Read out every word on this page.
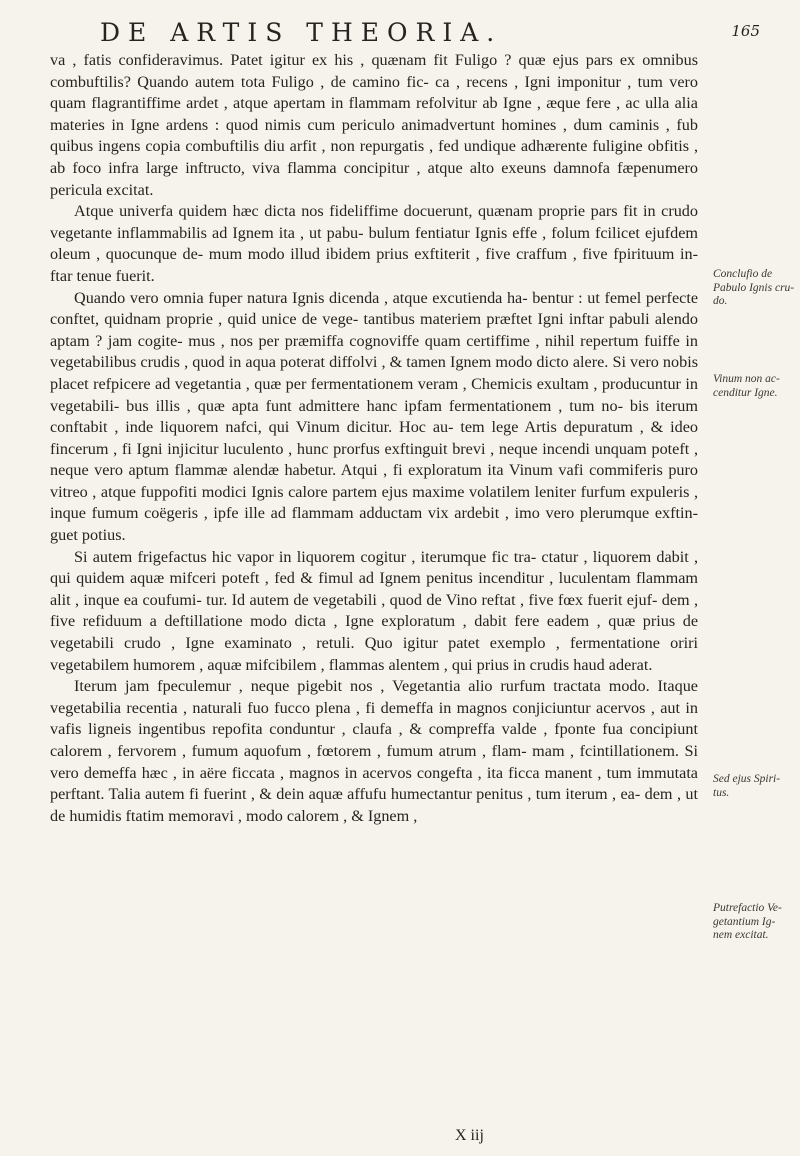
DE ARTIS THEORIA.	165

va , fatis confideravimus. Patet igitur ex his , quænam fit Fuligo ? quæ ejus pars ex omnibus combuftilis? Quando autem tota Fuligo , de camino fic- ca , recens , Igni imponitur , tum vero quam flagrantiffime ardet , atque apertam in flammam refolvitur ab Igne , æque fere , ac ulla alia materies in Igne ardens : quod nimis cum periculo animadvertunt homines , dum caminis , fub quibus ingens copia combuftilis diu arfit , non repurgatis , fed undique adhærente fuligine obfitis , ab foco infra large inftructo, viva flamma concipitur , atque alto exeuns damnofa fæpenumero pericula excitat.

Atque univerfa quidem hæc dicta nos fideliffime docuerunt, quænam proprie pars fit in crudo vegetante inflammabilis ad Ignem ita , ut pabu- bulum fentiatur Ignis effe , folum fcilicet ejufdem oleum , quocunque de- mum modo illud ibidem prius exftiterit , five craffum , five fpirituum in- ftar tenue fuerit.

Quando vero omnia fuper natura Ignis dicenda , atque excutienda ha- bentur : ut femel perfecte conftet, quidnam proprie , quid unice de vege- tantibus materiem præftet Igni inftar pabuli alendo aptam ? jam cogite- mus , nos per præmiffa cognoviffe quam certiffime , nihil repertum fuiffe in vegetabilibus crudis , quod in aqua poterat diffolvi , & tamen Ignem modo dicto alere. Si vero nobis placet refpicere ad vegetantia , quæ per fermentationem veram , Chemicis exultam , producuntur in vegetabili- bus illis , quæ apta funt admittere hanc ipfam fermentationem , tum no- bis iterum conftabit , inde liquorem nafci, qui Vinum dicitur. Hoc au- tem lege Artis depuratum , & ideo fincerum , fi Igni injicitur luculento , hunc prorfus exftinguit brevi , neque incendi unquam poteft , neque vero aptum flammæ alendæ habetur. Atqui , fi exploratum ita Vinum vafi commiferis puro vitreo , atque fuppofiti modici Ignis calore partem ejus maxime volatilem leniter furfum expuleris , inque fumum coëgeris , ipfe ille ad flammam adductam vix ardebit , imo vero plerumque exftin- guet potius.

Si autem frigefactus hic vapor in liquorem cogitur , iterumque fic tra- ctatur , liquorem dabit , qui quidem aquæ mifceri poteft , fed & fimul ad Ignem penitus incenditur , luculentam flammam alit , inque ea coufumi- tur. Id autem de vegetabili , quod de Vino reftat , five fœx fuerit ejuf- dem , five refiduum a deftillatione modo dicta , Igne exploratum , dabit fere eadem , quæ prius de vegetabili crudo , Igne examinato , retuli. Quo igitur patet exemplo , fermentatione oriri vegetabilem humorem , aquæ mifcibilem , flammas alentem , qui prius in crudis haud aderat.

Iterum jam fpeculemur , neque pigebit nos , Vegetantia alio rurfum tractata modo. Itaque vegetabilia recentia , naturali fuo fucco plena , fi demeffa in magnos conjiciuntur acervos , aut in vafis ligneis ingentibus repofita conduntur , claufa , & compreffa valde , fponte fua concipiunt calorem , fervorem , fumum aquofum , fœtorem , fumum atrum , flam- mam , fcintillationem. Si vero demeffa hæc , in aëre ficcata , magnos in acervos congefta , ita ficca manent , tum immutata perftant. Talia autem fi fuerint , & dein aquæ affufu humectantur penitus , tum iterum , ea- dem , ut de humidis ftatim memoravi , modo calorem , & Ignem ,

Conclufio de Pabulo Ignis cru- do.
Vinum non ac- cenditur Igne.
Sed ejus Spiri- tus.
Putrefactio Ve- getantium Ig- nem excitat.
X iij
